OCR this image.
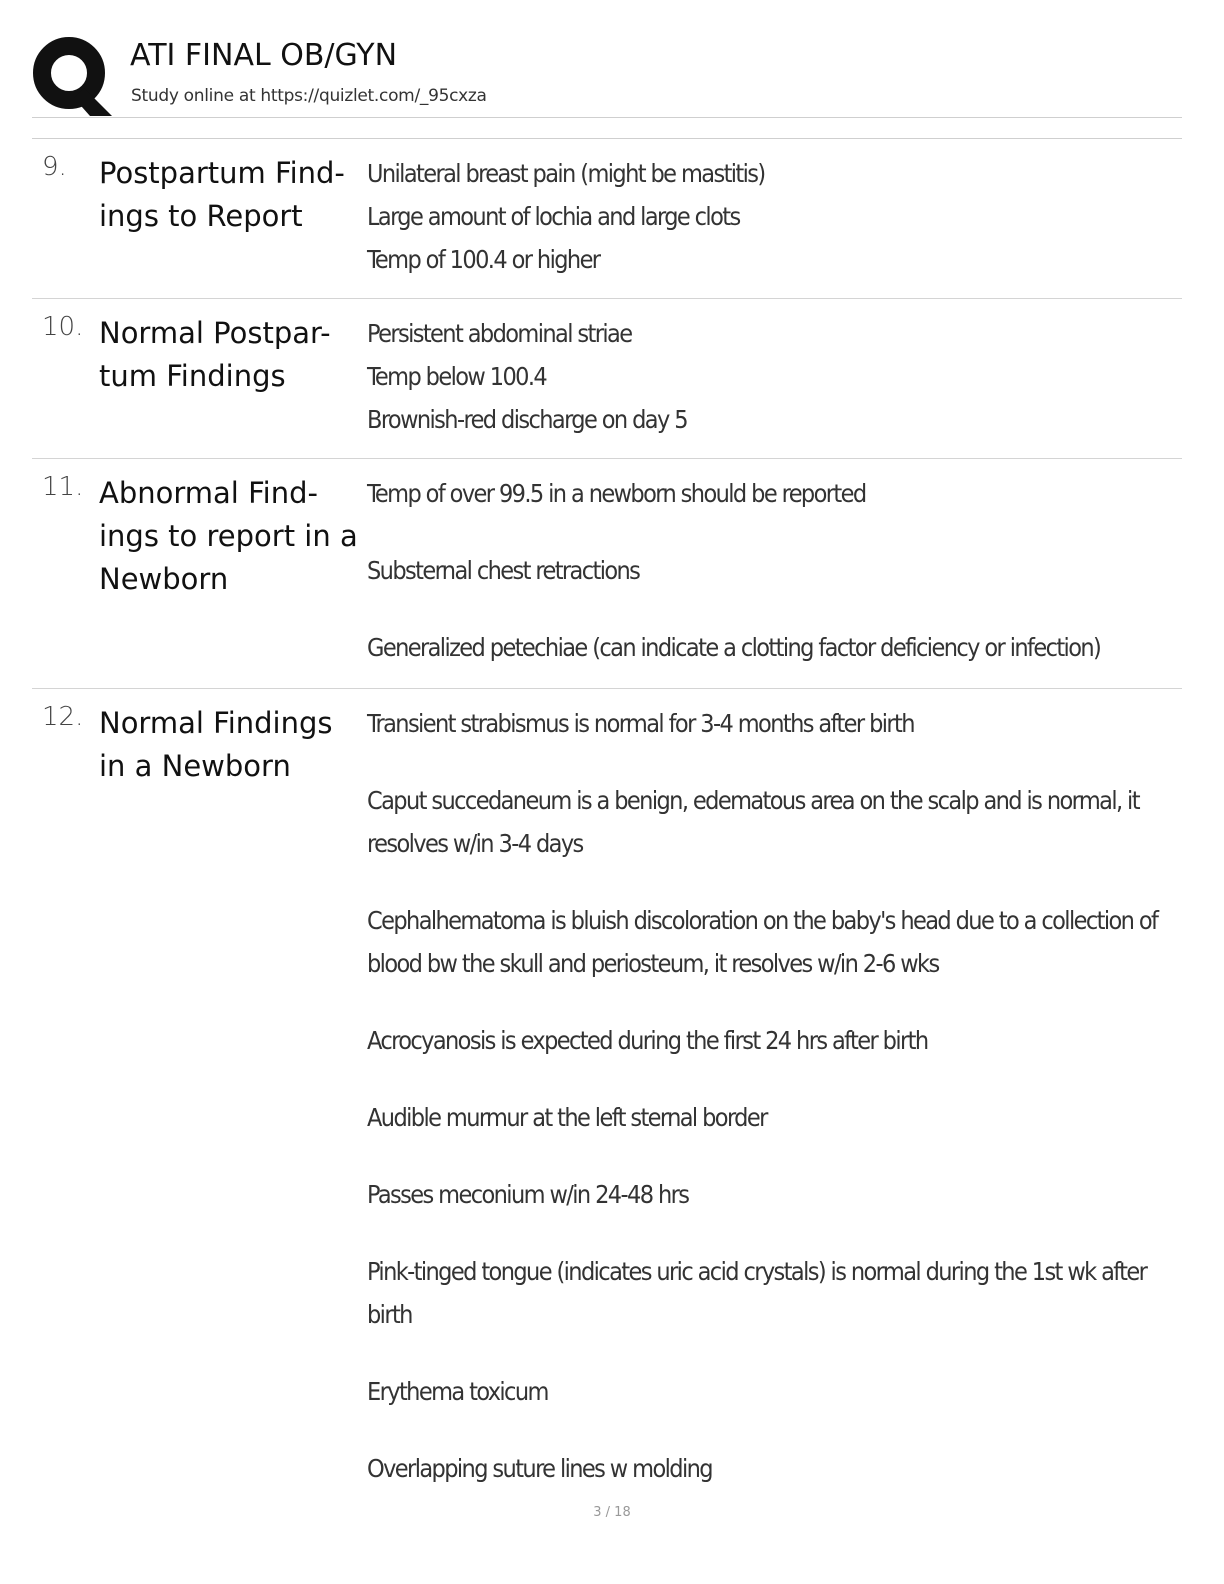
ATI FINAL OB/GYN
Study online at https://quizlet.com/_95cxza
9. Postpartum Find-
ings to Report
Unilateral breast pain (might be mastitis)
Large amount of lochia and large clots
Temp of 100.4 or higher
10. Normal Postpar-
tum Findings
Persistent abdominal striae
Temp below 100.4
Brownish-red discharge on day 5
11. Abnormal Find-
ings to report in a
Newborn
Temp of over 99.5 in a newborn should be reported
Substernal chest retractions
Generalized petechiae (can indicate a clotting factor deficiency or infection)
12. Normal Findings
in a Newborn
Transient strabismus is normal for 3-4 months after birth
Caput succedaneum is a benign, edematous area on the scalp and is normal, it resolves w/in 3-4 days
Cephalhematoma is bluish discoloration on the baby's head due to a collection of blood bw the skull and periosteum, it resolves w/in 2-6 wks
Acrocyanosis is expected during the first 24 hrs after birth
Audible murmur at the left sternal border
Passes meconium w/in 24-48 hrs
Pink-tinged tongue (indicates uric acid crystals) is normal during the 1st wk after birth
Erythema toxicum
Overlapping suture lines w molding
3 / 18
